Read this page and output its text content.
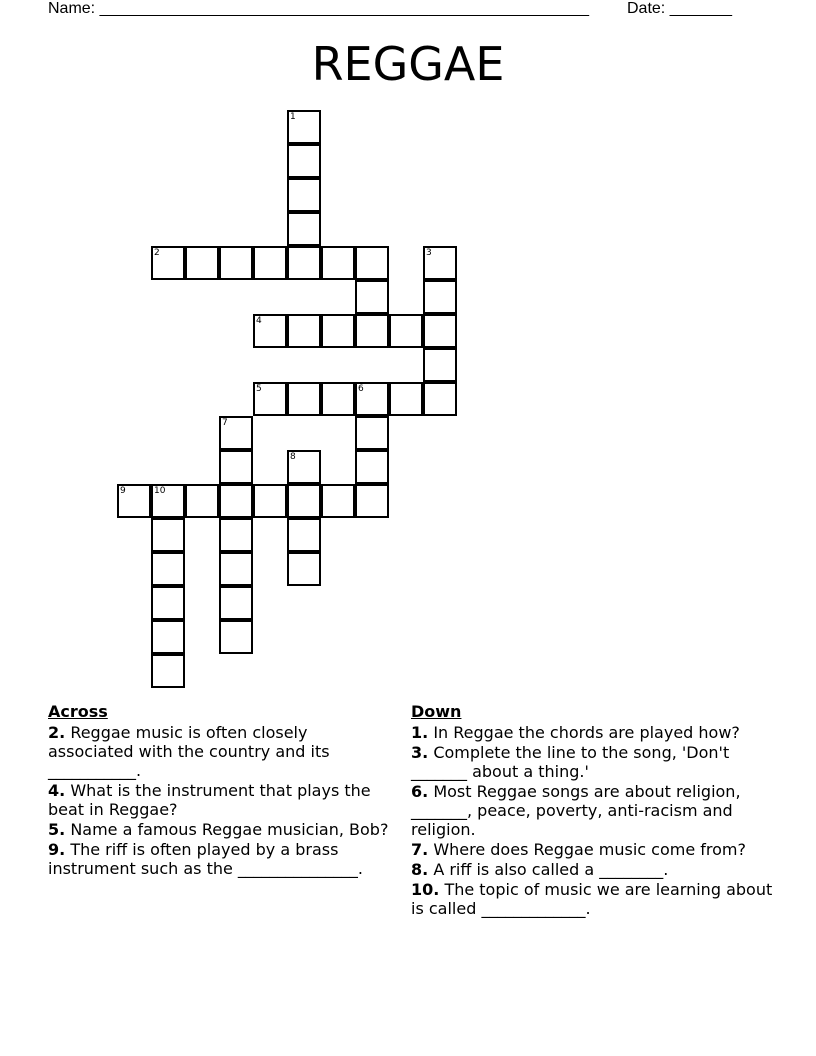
Name: _______________________________________________________ Date: _______
REGGAE
1
2	3
4
5	6
7
8
9	10
Across
2. Reggae music is often closely associated with the country and its ___________.
4. What is the instrument that plays the beat in Reggae?
5. Name a famous Reggae musician, Bob?
9. The riff is often played by a brass instrument such as the _______________.
Down
1. In Reggae the chords are played how?
3. Complete the line to the song, 'Don't _______ about a thing.'
6. Most Reggae songs are about religion, _______, peace, poverty, anti-racism and religion.
7. Where does Reggae music come from?
8. A riff is also called a ________.
10. The topic of music we are learning about is called _____________.
